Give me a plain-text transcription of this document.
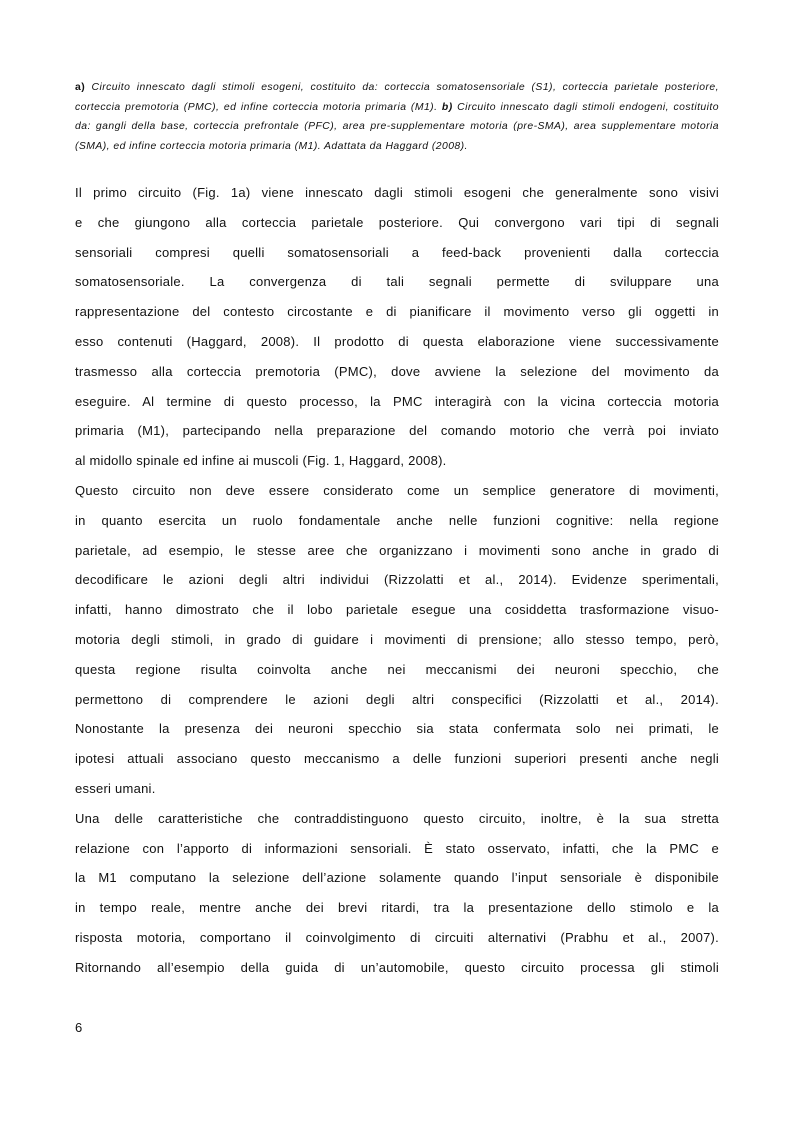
a) Circuito innescato dagli stimoli esogeni, costituito da: corteccia somatosensoriale (S1), corteccia parietale posteriore, corteccia premotoria (PMC), ed infine corteccia motoria primaria (M1). b) Circuito innescato dagli stimoli endogeni, costituito da: gangli della base, corteccia prefrontale (PFC), area pre-supplementare motoria (pre-SMA), area supplementare motoria (SMA), ed infine corteccia motoria primaria (M1). Adattata da Haggard (2008).

Il primo circuito (Fig. 1a) viene innescato dagli stimoli esogeni che generalmente sono visivi
e che giungono alla corteccia parietale posteriore. Qui convergono vari tipi di segnali
sensoriali compresi quelli somatosensoriali a feed-back provenienti dalla corteccia
somatosensoriale. La convergenza di tali segnali permette di sviluppare una
rappresentazione del contesto circostante e di pianificare il movimento verso gli oggetti in
esso contenuti (Haggard, 2008). Il prodotto di questa elaborazione viene successivamente
trasmesso alla corteccia premotoria (PMC), dove avviene la selezione del movimento da
eseguire. Al termine di questo processo, la PMC interagirà con la vicina corteccia motoria
primaria (M1), partecipando nella preparazione del comando motorio che verrà poi inviato
al midollo spinale ed infine ai muscoli (Fig. 1, Haggard, 2008).

Questo circuito non deve essere considerato come un semplice generatore di movimenti,
in quanto esercita un ruolo fondamentale anche nelle funzioni cognitive: nella regione
parietale, ad esempio, le stesse aree che organizzano i movimenti sono anche in grado di
decodificare le azioni degli altri individui (Rizzolatti et al., 2014). Evidenze sperimentali,
infatti, hanno dimostrato che il lobo parietale esegue una cosiddetta trasformazione visuo-
motoria degli stimoli, in grado di guidare i movimenti di prensione; allo stesso tempo, però,
questa regione risulta coinvolta anche nei meccanismi dei neuroni specchio, che
permettono di comprendere le azioni degli altri conspecifici (Rizzolatti et al., 2014).
Nonostante la presenza dei neuroni specchio sia stata confermata solo nei primati, le
ipotesi attuali associano questo meccanismo a delle funzioni superiori presenti anche negli
esseri umani.

Una delle caratteristiche che contraddistinguono questo circuito, inoltre, è la sua stretta
relazione con l’apporto di informazioni sensoriali. È stato osservato, infatti, che la PMC e
la M1 computano la selezione dell’azione solamente quando l’input sensoriale è disponibile
in tempo reale, mentre anche dei brevi ritardi, tra la presentazione dello stimolo e la
risposta motoria, comportano il coinvolgimento di circuiti alternativi (Prabhu et al., 2007).
Ritornando all’esempio della guida di un’automobile, questo circuito processa gli stimoli

6
